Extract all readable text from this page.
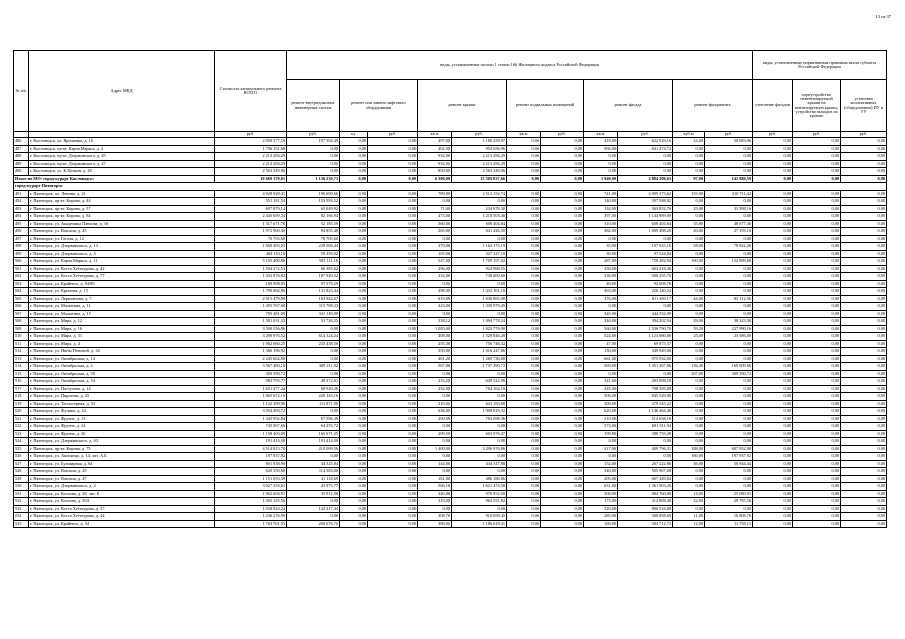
13 из 37
№ п/п	Адрес МКД	Стоимость капитального ремонта ВСЕГО	виды, установленные частью 1 статьи 166 Жилищного кодекса Российской Федерации											виды, установленные нормативным правовым актом субъекта Российской Федерации		
			ремонт внутридомовых инженерных систем	ремонт или замена лифтового оборудования		ремонт крыши		ремонт подвальных помещений		ремонт фасада		ремонт фундамента		утепление фасадов	переустройство невентилируемой крыши на вентилируемую крышу, устройство выходов на кровлю	установка коллективных (общедомовых) ПУ и УУ
		руб.	руб.	ед.	руб.	кв.м	руб.	кв.м	руб.	кв.м	руб.	куб.м	руб.	руб.	руб.	руб.
486	г. Кисловодск, ул. Ярошенко, д. 16	2 050 577,18	197 304,49	0,00	0,00	497,00	1 180 259,97	0,00	0,00	419,00	622 929,16	24,00	50 083,96	0,00	0,00	0,00
487	г. Кисловодск, пр-кт. Карла Маркса, д. 4	1 796 151,68	0,00	0,00	0,00	402,00	954 656,96	0,00	0,00	566,00	841 474,72	0,00	0,00	0,00	0,00	0,00
488	г. Кисловодск, пр-кт. Дзержинского, д. 45	2 213 284,29	0,00	0,00	0,00	932,00	2 213 284,29	0,00	0,00	0,00	0,00	0,00	0,00	0,00	0,00	0,00
489	г. Кисловодск, пр-кт. Дзержинского, д. 47	2 213 284,29	0,00	0,00	0,00	932,00	2 213 284,29	0,00	0,00	0,00	0,00	0,00	0,00	0,00	0,00	0,00
490	г. Кисловодск, ул. К.Цеткин, д. 28	2 563 349,06	0,00	0,00	0,00	850,00	2 563 349,06	0,00	0,00	0,00	0,00	0,00	0,00	0,00	0,00	0,00
Итого по МО: город-курорт Кисловодск:		19 669 179,61	1 136 239,73	0,00	0,00	6 300,00	15 505 837,66	0,00	0,00	1 940,00	2 884 206,63	97,00	142 886,59	0,00	0,00	0,00
город-курорт Пятигорск																
491	г. Пятигорск, пл. Ленина, д. 21	4 928 928,41	196 690,66	0,00	0,00	789,00	2 512 152,74	0,00	0,00	741,00	2 009 373,62	155,00	210 711,42	0,00	0,00	0,00
492	г. Пятигорск, пр-кт. Кирова, д. 44	551 181,54	153 593,52	0,00	0,00	0,00	0,00	0,00	0,00	140,00	397 588,02	0,00	0,00	0,00	0,00	0,00
493	г. Пятигорск, пр-кт. Кирова, д. 57	697 879,14	65 049,92	0,00	0,00	71,00	234 978,30	0,00	0,00	134,00	363 832,76	25,00	33 998,16	0,00	0,00	0,00
494	г. Пятигорск, пр-кт. Кирова, д. 84	2 445 659,34	82 166,94	0,00	0,00	473,00	1 218 503,40	0,00	0,00	397,00	1 144 989,00	0,00	0,00	0,00	0,00	0,00
495	г. Пятигорск, ул. Академика Павлова, д. 16	1 317 671,78	52 185,59	0,00	0,00	360,00	608 404,84	0,00	0,00	310,00	608 404,84	35,80	48 677,36	0,00	0,00	0,00
496	г. Пятигорск, ул. Вокзала, д. 45	1 972 960,36	94 855,48	0,00	0,00	265,00	841 426,58	0,00	0,00	382,00	1 009 488,20	20,00	27 193,10	0,00	0,00	0,00
497	г. Пятигорск, ул. Гоголя, д. 12	70 705,60	70 705,60	0,00	0,00	0,00	0,00	0,00	0,00	0,00	0,00	0,00	0,00	0,00	0,00	0,00
498	г. Пятигорск, ул. Дзержинского, д. 13	1 569 493,05	229 569,44	0,00	0,00	370,00	1 162 175,19	0,00	0,00	35,00	107 925,16	58,00	78 822,26	0,00	0,00	0,00
499	г. Пятигорск, ул. Дзержинского, д. 5	484 110,16	59 459,02	0,00	0,00	105,00	327 327,10	0,00	0,00	30,00	97 324,04	0,00	0,00	0,00	0,00	0,00
500	г. Пятигорск, ул. Карла Маркса, д. 11	5 195 490,80	583 111,16	0,00	0,00	547,00	1 709 197,02	0,00	0,00	287,00	750 282,94	100,00	152 899,68	0,00	0,00	0,00
501	г. Пятигорск, ул. Коста Хетагурова, д. 42	1 594 572,53	66 385,62	0,00	0,00	296,00	924 968,55	0,00	0,00	350,00	603 218,36	0,00	0,00	0,00	0,00	0,00
502	г. Пятигорск, ул. Коста Хетагурова, д. 77	1 432 876,82	187 920,52	0,00	0,00	232,00	738 600,60	0,00	0,00	336,00	506 355,70	0,00	0,00	0,00	0,00	0,00
503	г. Пятигорск, ул. Крайнего, д. 84/86	189 908,05	97 579,29	0,00	0,00	0,00	0,00	0,00	0,00	40,00	92 608,76	0,00	0,00	0,00	0,00	0,00
504	г. Пятигорск, ул. Крылова, д. 15	1 790 064,86	131 823,44	0,00	0,00	498,00	1 432 101,18	0,00	0,00	463,00	226 140,24	0,00	0,00	0,00	0,00	0,00
505	г. Пятигорск, ул. Лермонтова, д. 7	2 915 479,08	184 942,27	0,00	0,00	610,00	1 836 865,08	0,00	0,00	476,00	811 459,17	44,00	83 112,56	0,00	0,00	0,00
506	г. Пятигорск, ул. Малыгина, д. 11	1 455 767,68	115 788,23	0,00	0,00	423,00	1 339 979,45	0,00	0,00	0,00	0,00	0,00	0,00	0,00	0,00	0,00
507	г. Пятигорск, ул. Малыгина, д. 15	785 481,09	341 149,00	0,00	0,00	0,00	0,00	0,00	0,00	345,00	444 332,09	0,00	0,00	0,00	0,00	0,00
508	г. Пятигорск, ул. Мира, д. 12	1 581 031,33	53 726,25	0,00	0,00	338,12	1 094 778,24	0,00	0,00	340,00	394 202,94	29,00	38 323,90	0,00	0,00	0,00
509	г. Пятигорск, ул. Мира, д. 16	3 590 556,86	0,00	0,00	0,00	1 083,00	1 825 776,90	0,00	0,00	560,00	1 536 790,70	59,20	227 990,16	0,00	0,00	0,00
510	г. Пятигорск, ул. Мира, д. 31	3 298 976,52	614 324,24	0,00	0,00	408,00	1 529 846,28	0,00	0,00	524,00	1 123 080,00	25,00	23 586,00	0,00	0,00	0,00
511	г. Пятигорск, ул. Мира, д. 4	1 062 060,25	235 438,56	0,00	0,00	255,38	756 746,32	0,00	0,00	47,00	69 875,37	0,00	0,00	0,00	0,00	0,00
512	г. Пятигорск, ул. Нины Поповой, д. 34	1 366 196,92	0,00	0,00	0,00	350,00	1 016 247,86	0,00	0,00	130,00	349 949,06	0,00	0,00	0,00	0,00	0,00
513	г. Пятигорск, ул. Октябрьская, д. 14	2 245 662,00	0,00	0,00	0,00	461,20	1 269 730,00	0,00	0,00	661,00	975 932,00	0,00	0,00	0,00	0,00	0,00
514	г. Пятигорск, ул. Октябрьская, д. 2	3 567 480,16	309 211,92	0,00	0,00	567,00	1 737 290,72	0,00	0,00	569,00	1 351 367,86	136,40	169 609,66	0,00	0,00	0,00
515	г. Пятигорск, ул. Октябрьская, д. 50	309 590,72	0,00	0,00	0,00	0,00	0,00	0,00	0,00	0,00	0,00	107,00	309 590,72	0,00	0,00	0,00
516	г. Пятигорск, ул. Октябрьская, д. 54	983 793,77	49 372,61	0,00	0,00	253,20	649 522,98	0,00	0,00	341,60	293 898,18	0,00	0,00	0,00	0,00	0,00
517	г. Пятигорск, ул. Пастухова, д. 14	1 651 477,44	68 920,26	0,00	0,00	252,00	764 162,10	0,00	0,00	245,00	798 395,08	0,00	0,00	0,00	0,00	0,00
518	г. Пятигорск, ул. Пирогова, д. 25	1 065 672,16	220 143,16	0,00	0,00	0,00	0,00	0,00	0,00	506,00	845 529,00	0,00	0,00	0,00	0,00	0,00
519	г. Пятигорск, ул. Теплосерная, д. 33	1 132 399,98	111 871,98	0,00	0,00	210,00	641 183,68	0,00	0,00	200,00	379 345,22	0,00	0,00	0,00	0,00	0,00
520	г. Пятигорск, ул. Фучика, д. 24	3 054 493,72	0,00	0,00	0,00	636,00	1 908 029,32	0,00	0,00	620,00	1 146 464,40	0,00	0,00	0,00	0,00	0,00
521	г. Пятигорск, ул. Фрунзе, д. 13	1 345 952,84	67 596,30	0,00	0,00	290,00	763 698,36	0,00	0,00	210,00	514 658,18	0,00	0,00	0,00	0,00	0,00
522	г. Пятигорск, ул. Фрунзе, д. 24	745 567,66	64 255,72	0,00	0,00	0,00	0,00	0,00	0,00	373,00	681 311,94	0,00	0,00	0,00	0,00	0,00
523	г. Пятигорск, ул. Фрунзе, д. 26	1 158 403,09	165 671,25	0,00	0,00	209,50	603 976,47	0,00	0,00	199,80	388 755,28	0,00	0,00	0,00	0,00	0,00
524	г. Пятигорск, ул. Дзержинского, д. 63	191 414,00	191 414,00	0,00	0,00	0,00	0,00	0,00	0,00	0,00	0,00	0,00	0,00	0,00	0,00	0,00
525	г. Пятигорск, пр-кт. Кирова, д. 75	4 514 815,70	210 089,56	0,00	0,00	1 400,00	3 296 976,86	0,00	0,00	217,00	409 796,31	188,00	687 952,98	0,00	0,00	0,00
526	г. Пятигорск, ул. Акопянца, д. 14, лит. А,Б	197 937,92	0,00	0,00	0,00	0,00	0,00	0,00	0,00	0,00	0,00	160,00	197 937,92	0,00	0,00	0,00
527	г. Пятигорск, ул. Бульварная, д. 64	801 838,96	34 325,84	0,00	0,00	144,00	444 347,88	0,00	0,00	152,00	267 222,86	36,00	56 944,44	0,00	0,00	0,00
528	г. Пятигорск, ул. Вокзала, д. 25	620 550,68	114 583,00	0,00	0,00	0,00	0,00	0,00	0,00	340,00	505 967,68	0,00	0,00	0,00	0,00	0,00
529	г. Пятигорск, ул. Вокзала, д. 47	1 151 053,39	41 118,69	0,00	0,00	161,00	486 186,86	0,00	0,00	205,00	607 449,84	0,00	0,00	0,00	0,00	0,00
530	г. Пятигорск, ул. Дзержинского, д. 2	3 027 353,61	43 975,77	0,00	0,00	566,10	1 621 474,58	0,00	0,00	631,00	1 361 903,26	0,00	0,00	0,00	0,00	0,00
531	г. Пятигорск, ул. Козлова, д. 38, лит. Б	1 962 604,91	35 912,90	0,00	0,00	340,00	976 952,00	0,00	0,00	306,00	884 760,00	14,00	25 080,91	0,00	0,00	0,00
532	г. Пятигорск, ул. Козлова, д. 50А	1 305 145,56	0,00	0,00	0,00	310,00	962 551,82	0,00	0,00	175,00	312 808,48	22,00	29 785,56	0,00	0,00	0,00
533	г. Пятигорск, ул. Коста Хетагурова, д. 37	1 038 824,24	142 317,44	0,00	0,00	0,00	0,00	0,00	0,00	320,00	896 516,80	0,00	0,00	0,00	0,00	0,00
534	г. Пятигорск, ул. Коста Хетагурова, д. 44	1 236 276,90	0,00	0,00	0,00	308,70	910 699,45	0,00	0,00	285,00	308 858,69	11,00	16 808,76	0,00	0,00	0,00
535	г. Пятигорск, ул. Крайнего, д. 34	1 763 761,55	200 676,70	0,00	0,00	380,00	1 186 618,41	0,00	0,00	160,00	384 712,72	12,00	11 758,13	0,00	0,00	0,00
